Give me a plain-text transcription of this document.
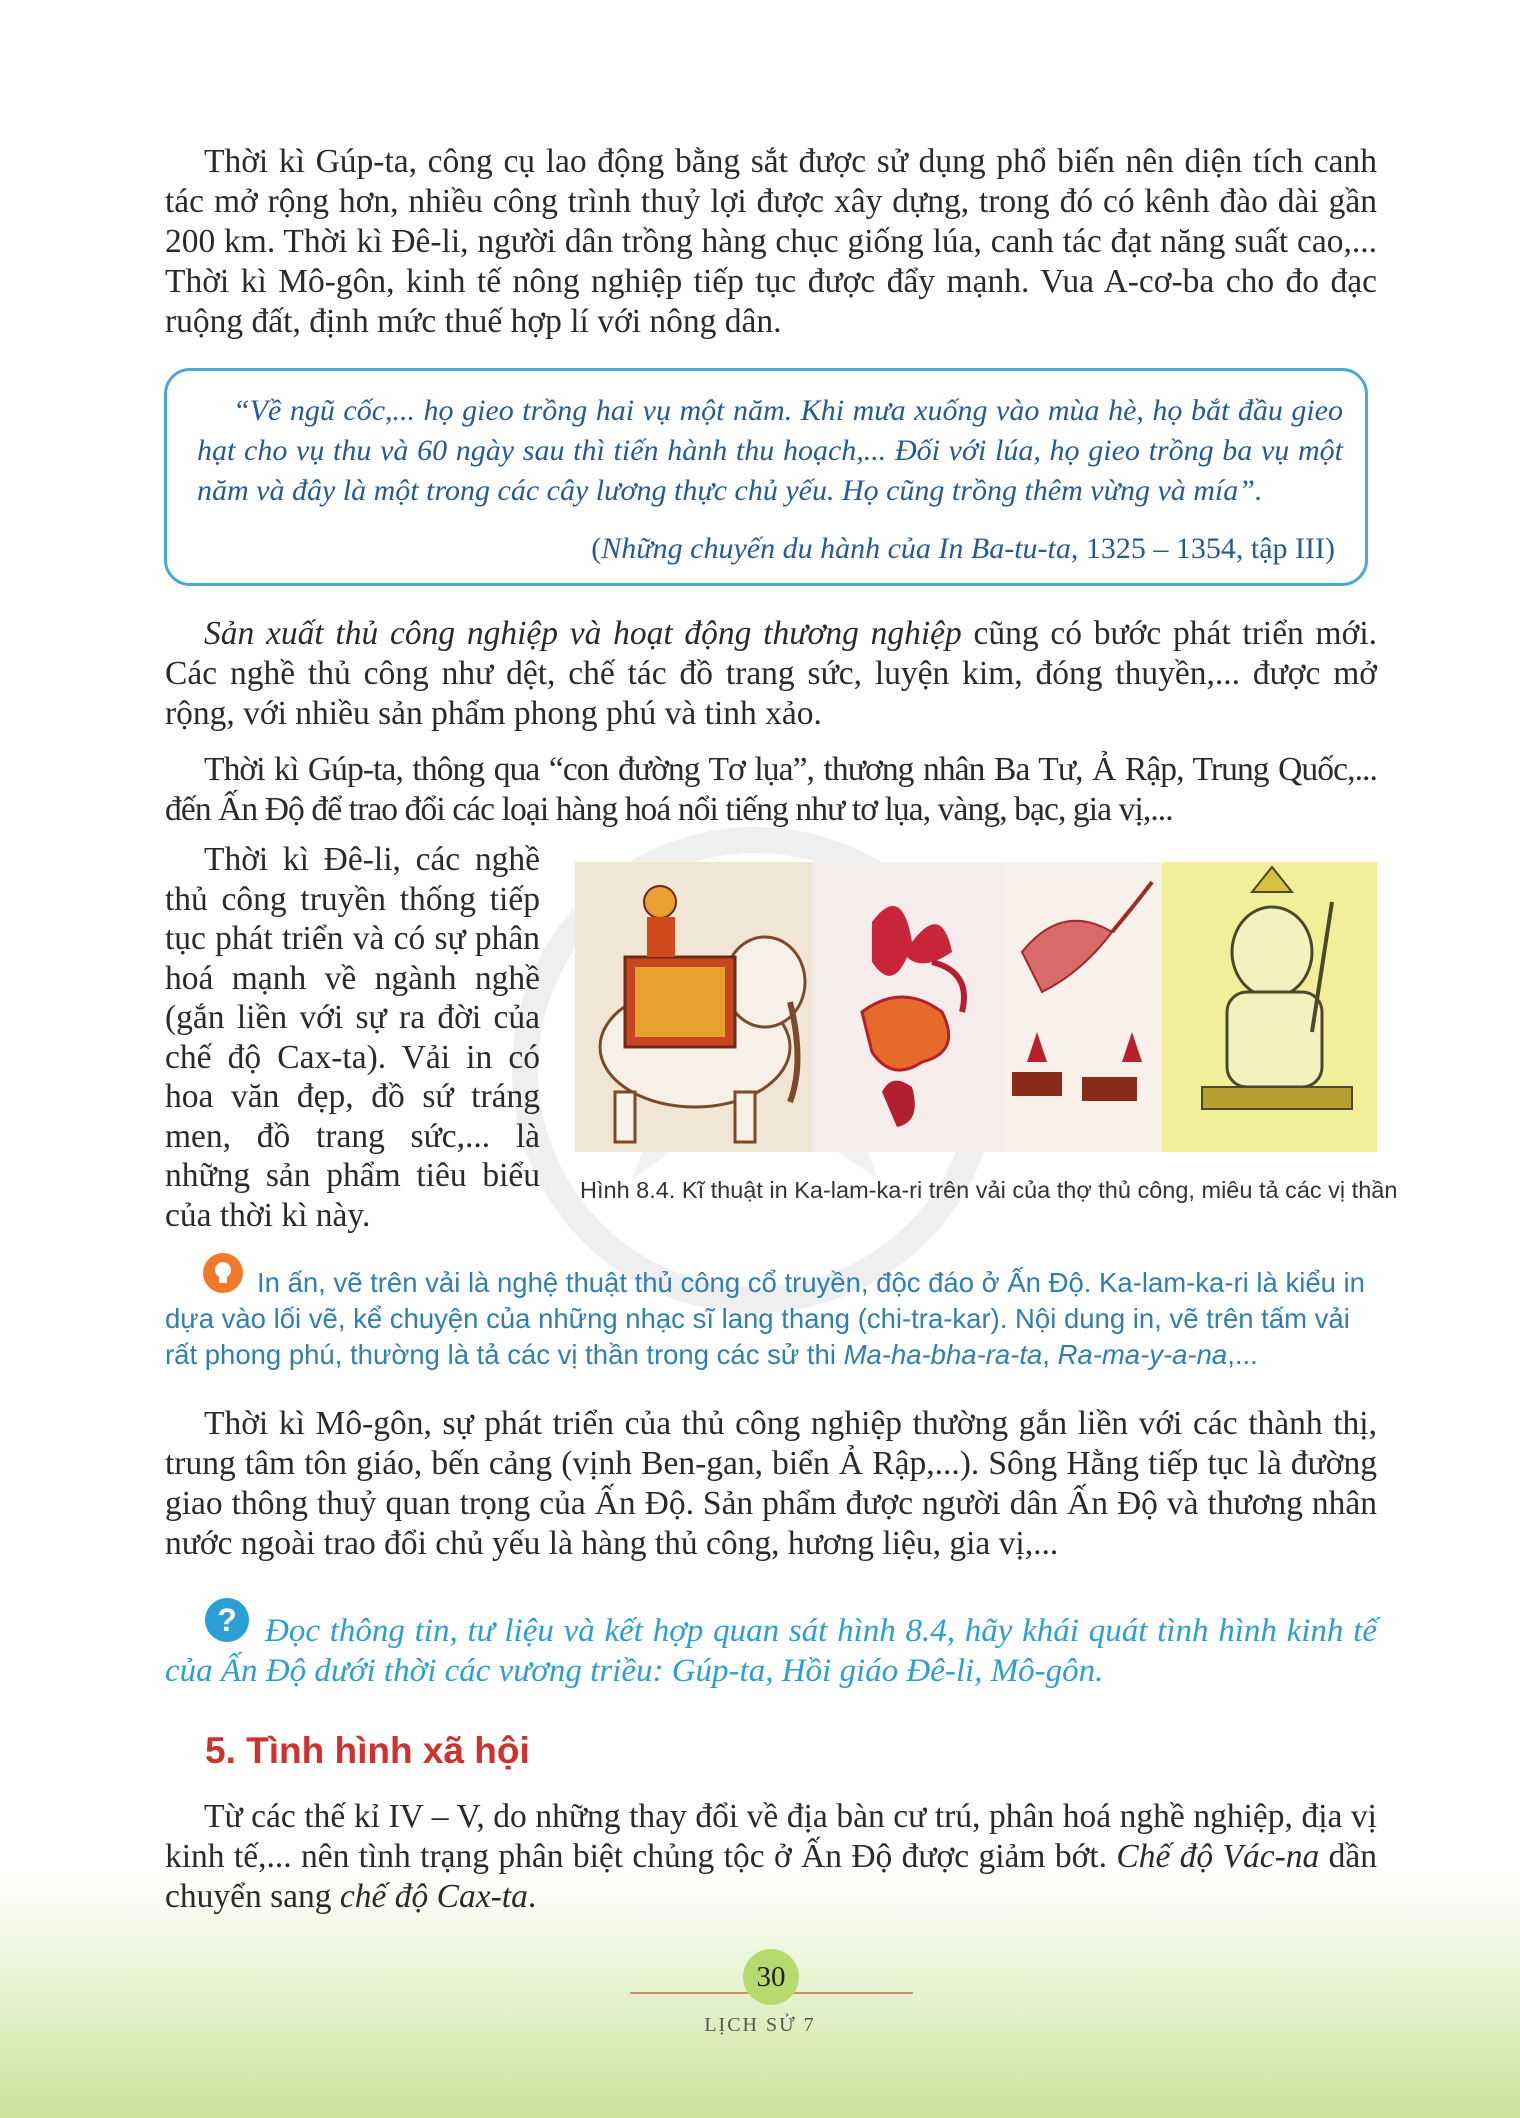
Thời kì Gúp-ta, công cụ lao động bằng sắt được sử dụng phổ biến nên diện tích canh tác mở rộng hơn, nhiều công trình thuỷ lợi được xây dựng, trong đó có kênh đào dài gần 200 km. Thời kì Đê-li, người dân trồng hàng chục giống lúa, canh tác đạt năng suất cao,... Thời kì Mô-gôn, kinh tế nông nghiệp tiếp tục được đẩy mạnh. Vua A-cơ-ba cho đo đạc ruộng đất, định mức thuế hợp lí với nông dân.

“Về ngũ cốc,... họ gieo trồng hai vụ một năm. Khi mưa xuống vào mùa hè, họ bắt đầu gieo hạt cho vụ thu và 60 ngày sau thì tiến hành thu hoạch,... Đối với lúa, họ gieo trồng ba vụ một năm và đây là một trong các cây lương thực chủ yếu. Họ cũng trồng thêm vừng và mía”.

(Những chuyến du hành của In Ba-tu-ta, 1325 – 1354, tập III)

Sản xuất thủ công nghiệp và hoạt động thương nghiệp cũng có bước phát triển mới. Các nghề thủ công như dệt, chế tác đồ trang sức, luyện kim, đóng thuyền,... được mở rộng, với nhiều sản phẩm phong phú và tinh xảo.

Thời kì Gúp-ta, thông qua “con đường Tơ lụa”, thương nhân Ba Tư, Ả Rập, Trung Quốc,... đến Ấn Độ để trao đổi các loại hàng hoá nổi tiếng như tơ lụa, vàng, bạc, gia vị,...

Thời kì Đê-li, các nghề thủ công truyền thống tiếp tục phát triển và có sự phân hoá mạnh về ngành nghề (gắn liền với sự ra đời của chế độ Cax-ta). Vải in có hoa văn đẹp, đồ sứ tráng men, đồ trang sức,... là những sản phẩm tiêu biểu của thời kì này.

Hình 8.4. Kĩ thuật in Ka-lam-ka-ri trên vải của thợ thủ công, miêu tả các vị thần

In ấn, vẽ trên vải là nghệ thuật thủ công cổ truyền, độc đáo ở Ấn Độ. Ka-lam-ka-ri là kiểu in dựa vào lối vẽ, kể chuyện của những nhạc sĩ lang thang (chi-tra-kar). Nội dung in, vẽ trên tấm vải rất phong phú, thường là tả các vị thần trong các sử thi Ma-ha-bha-ra-ta, Ra-ma-y-a-na,...

Thời kì Mô-gôn, sự phát triển của thủ công nghiệp thường gắn liền với các thành thị, trung tâm tôn giáo, bến cảng (vịnh Ben-gan, biển Ả Rập,...). Sông Hằng tiếp tục là đường giao thông thuỷ quan trọng của Ấn Độ. Sản phẩm được người dân Ấn Độ và thương nhân nước ngoài trao đổi chủ yếu là hàng thủ công, hương liệu, gia vị,...

? Đọc thông tin, tư liệu và kết hợp quan sát hình 8.4, hãy khái quát tình hình kinh tế của Ấn Độ dưới thời các vương triều: Gúp-ta, Hồi giáo Đê-li, Mô-gôn.

5. Tình hình xã hội

Từ các thế kỉ IV – V, do những thay đổi về địa bàn cư trú, phân hoá nghề nghiệp, địa vị kinh tế,... nên tình trạng phân biệt chủng tộc ở Ấn Độ được giảm bớt. Chế độ Vác-na dần chuyển sang chế độ Cax-ta.

30
LỊCH SỬ 7
